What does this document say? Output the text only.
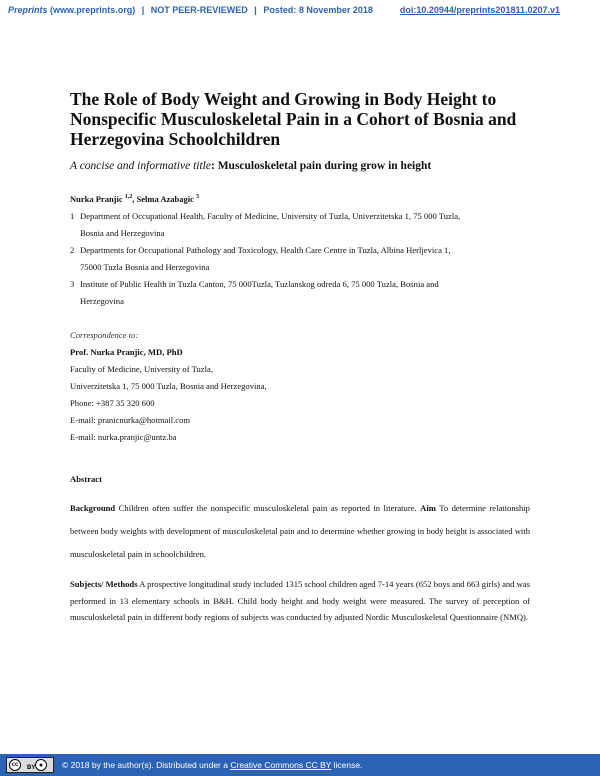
Preprints (www.preprints.org) | NOT PEER-REVIEWED | Posted: 8 November 2018	doi:10.20944/preprints201811.0207.v1
The Role of Body Weight and Growing in Body Height to Nonspecific Musculoskeletal Pain in a Cohort of Bosnia and Herzegovina Schoolchildren
A concise and informative title: Musculoskeletal pain during grow in height
Nurka Pranjic $^{1,2}$, Selma Azabagic $^3$
1 Department of Occupational Health, Faculty of Medicine, University of Tuzla, Univerzitetska 1, 75 000 Tuzla,
Bosnia and Herzegovina
2 Departments for Occupational Pathology and Toxicology, Health Care Centre in Tuzla, Albina Herljevica 1,
75000 Tuzla Bosnia and Herzegovina
3 Institute of Public Health in Tuzla Canton, 75 000Tuzla, Tuzlanskog odreda 6, 75 000 Tuzla, Bosnia and
Herzegovina
Correspondence to:
Prof. Nurka Pranjic, MD, PhD
Faculty of Medicine, University of Tuzla,
Univerzitetska 1, 75 000 Tuzla, Bosnia and Herzegovina,
Phone: +387 35 320 600
E-mail: pranicnurka@hotmail.com
E-mail: nurka.pranjic@untz.ba
Abstract
Background Children often suffer the nonspecific musculoskeletal pain as reported in literature. Aim To determine relationship between body weights with development of musculoskeletal pain and to determine whether growing in body height is associated with musculoskeletal pain in schoolchildren.
Subjects/ Methods A prospective longitudinal study included 1315 school children aged 7-14 years (652 boys and 663 girls) and was performed in 13 elementary schools in B&H. Child body height and body weight were measured. The survey of perception of musculoskeletal pain in different body regions of subjects was conducted by adjusted Nordic Musculoskeletal Questionnaire (NMQ).
cc	●
BY	© 2018 by the author(s). Distributed under a Creative Commons CC BY license.
